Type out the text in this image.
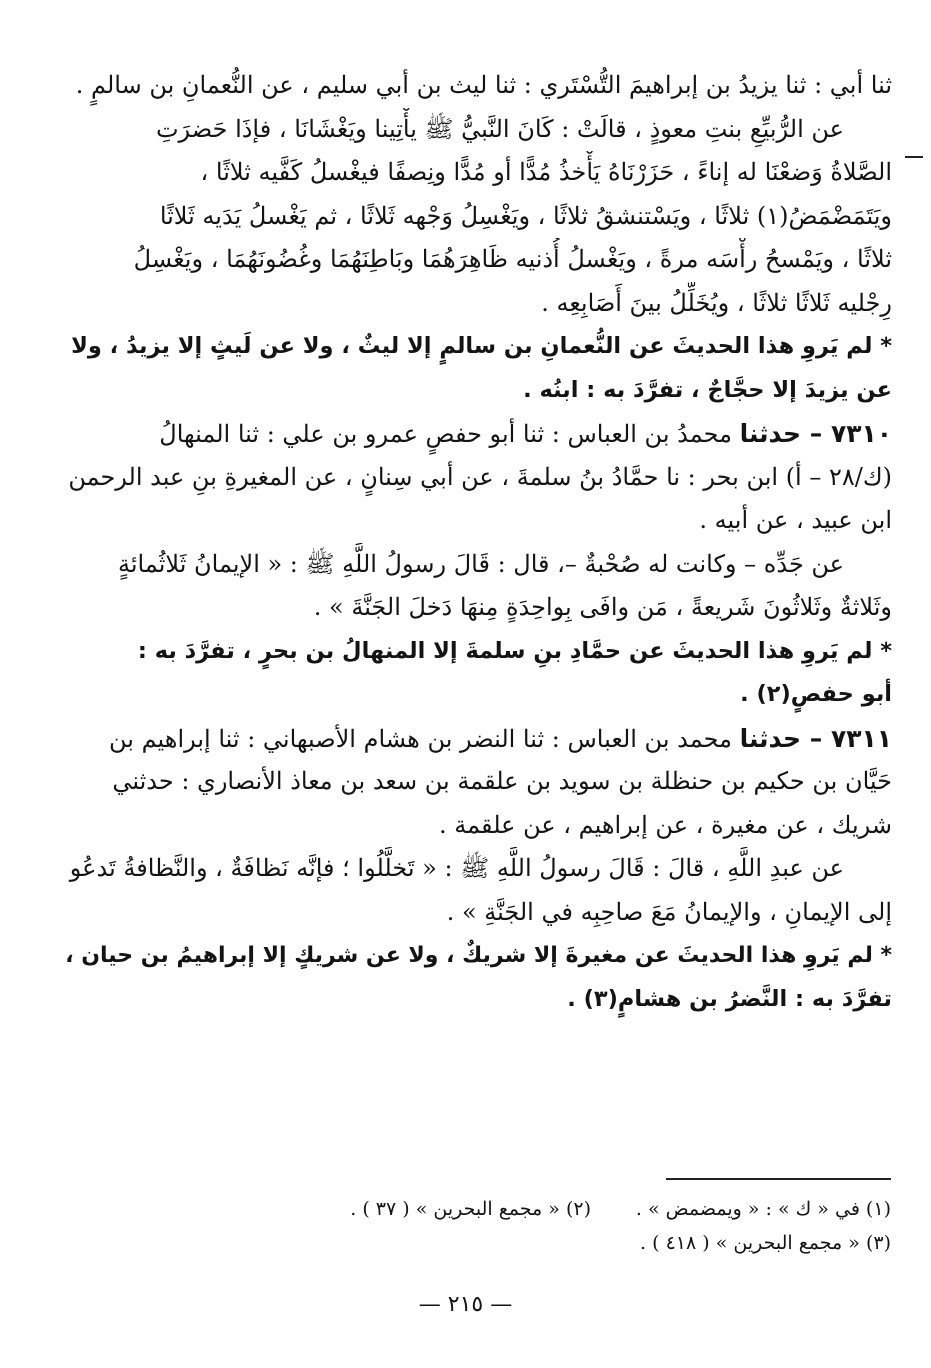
ثنا أبي : ثنا يزيدُ بن إبراهيمَ التُّسْتَري : ثنا ليث بن أبي سليم ، عن النُّعمانِ بن سالمٍ .
عن الرُّبيِّعِ بنتِ معوذٍ ، قالَتْ : كَانَ النَّبيُّ ﷺ يأْتِينا ويَغْشَانَا ، فإذَا حَضرَتِ
الصَّلاةُ وَضعْنَا له إناءً ، حَزَرْنَاهُ يَأْخذُ مُدًّا أو مُدًّا ونِصفًا فيغْسلُ كَفَّيه ثلاثًا ،
ويَتَمَضْمَضُ(١) ثلاثًا ، ويَسْتنشقُ ثلاثًا ، ويَغْسِلُ وَجْهه ثَلاثًا ، ثم يَغْسلُ يَدَيه ثَلاثًا
ثلاثًا ، ويَمْسحُ رأْسَه مرةً ، ويَغْسلُ أُذنيه ظَاهِرَهُمَا وبَاطِنَهُمَا وغُضُونَهُمَا ، ويَغْسِلُ
رِجْليه ثَلاثًا ثلاثًا ، ويُخَلِّلُ بينَ أَصَابِعِه .
* لم يَروِ هذا الحديثَ عن النُّعمانِ بن سالمٍ إلا ليثٌ ، ولا عن لَيثٍ إلا يزيدُ ، ولا
عن يزيدَ إلا حجَّاجٌ ، تفرَّدَ به : ابنُه .
٧٣١٠ – حدثنا محمدُ بن العباس : ثنا أبو حفصٍ عمرو بن علي : ثنا المنهالُ
(ك/٢٨ – أ) ابن بحر : نا حمَّادُ بنُ سلمةَ ، عن أبي سِنانٍ ، عن المغيرةِ بنِ عبد الرحمن
ابن عبيد ، عن أبيه .
عن جَدِّه – وكانت له صُحْبةٌ –، قال : قَالَ رسولُ اللَّهِ ﷺ : « الإيمانُ ثَلاثُمائةٍ
وثَلاثةٌ وثَلاثُونَ شَريعةً ، مَن وافَى بِواحِدَةٍ مِنهَا دَخلَ الجَنَّةَ » .
* لم يَروِ هذا الحديثَ عن حمَّادِ بنِ سلمةَ إلا المنهالُ بن بحرٍ ، تفرَّدَ به :
أبو حفصٍ(٢) .
٧٣١١ – حدثنا محمد بن العباس : ثنا النضر بن هشام الأصبهاني : ثنا إبراهيم بن
حَيَّان بن حكيم بن حنظلة بن سويد بن علقمة بن سعد بن معاذ الأنصاري : حدثني
شريك ، عن مغيرة ، عن إبراهيم ، عن علقمة .
عن عبدِ اللَّهِ ، قالَ : قَالَ رسولُ اللَّهِ ﷺ : « تَخلَّلُوا ؛ فإنَّه نَظافَةٌ ، والنَّظافةُ تَدعُو
إلى الإيمانِ ، والإيمانُ مَعَ صاحِبِه في الجَنَّةِ » .
* لم يَروِ هذا الحديثَ عن مغيرةَ إلا شريكٌ ، ولا عن شريكٍ إلا إبراهيمُ بن حيان ،
تفرَّدَ به : النَّضرُ بن هشامٍ(٣) .
(١) في « ك » : « ويمضمض » .
(٢) « مجمع البحرين » ( ٣٧ ) .
(٣) « مجمع البحرين » ( ٤١٨ ) .
— ٢١٥ —
